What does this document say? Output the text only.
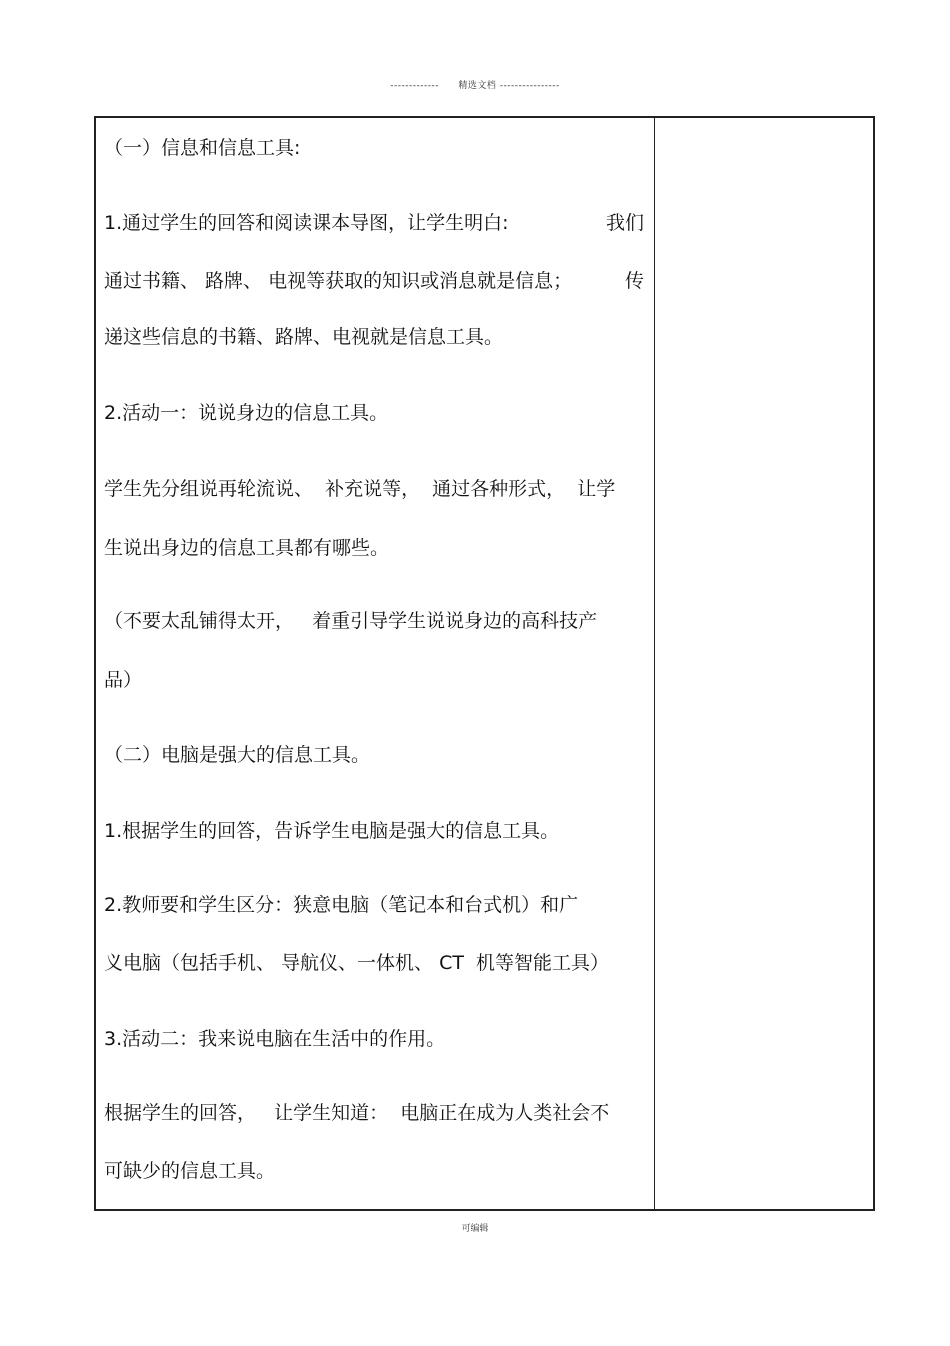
------------- 精选文档 ----------------
（一）信息和信息工具:
1.通过学生的回答和阅读课本导图，让学生明白:	我们
通过书籍、 路牌、 电视等获取的知识或消息就是信息；	传
递这些信息的书籍、路牌、电视就是信息工具。
2.活动一：说说身边的信息工具。
学生先分组说再轮流说、  补充说等，  通过各种形式，  让学
生说出身边的信息工具都有哪些。
（不要太乱铺得太开，   着重引导学生说说身边的高科技产
品）
（二）电脑是强大的信息工具。
1.根据学生的回答，告诉学生电脑是强大的信息工具。
2.教师要和学生区分：狭意电脑（笔记本和台式机）和广
义电脑（包括手机、 导航仪、一体机、 CT  机等智能工具）
3.活动二：我来说电脑在生活中的作用。
根据学生的回答，   让学生知道：  电脑正在成为人类社会不
可缺少的信息工具。
可编辑
